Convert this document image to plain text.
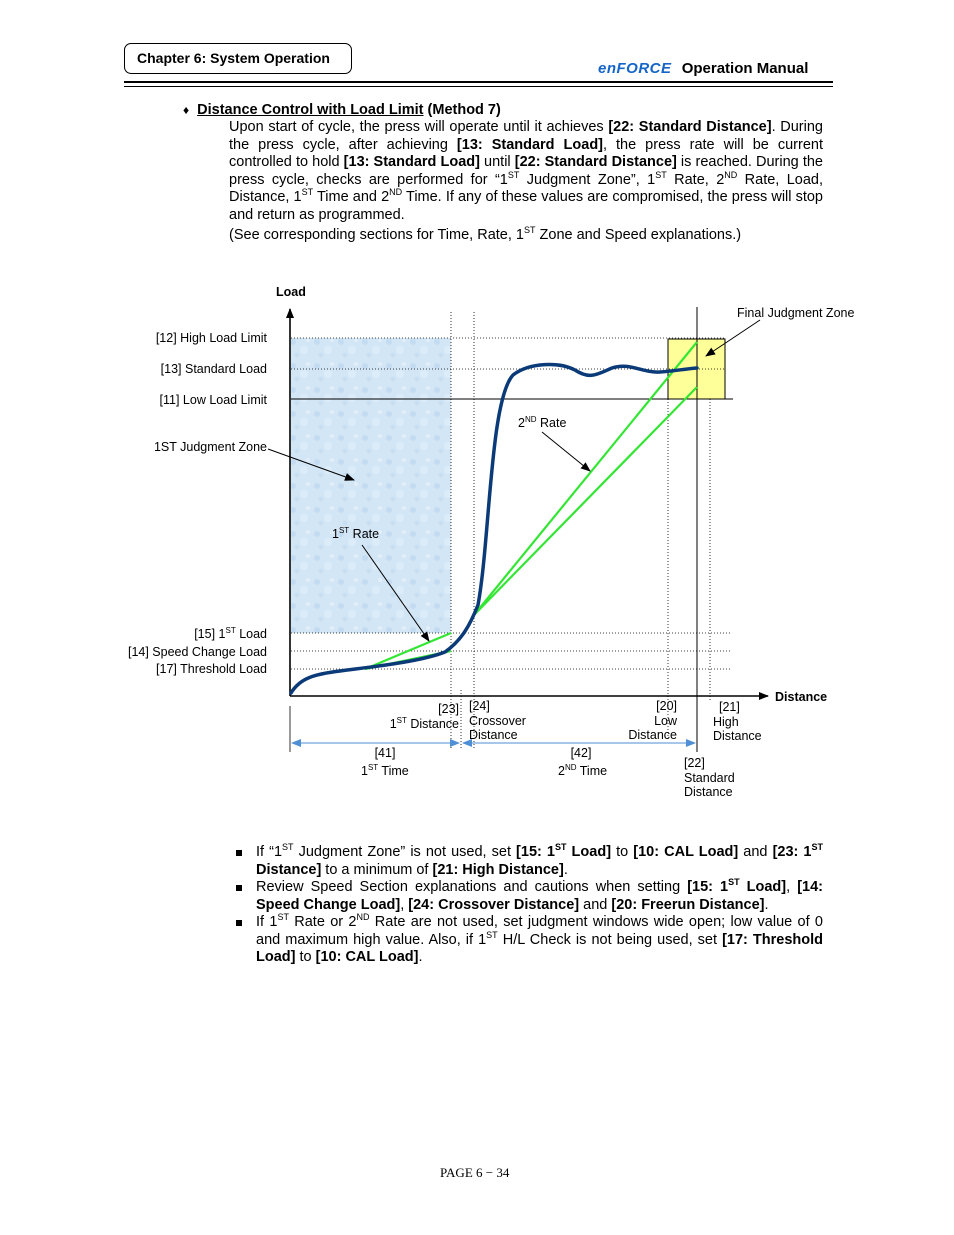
Chapter 6: System Operation
enFORCE Operation Manual
♦ Distance Control with Load Limit (Method 7)
Upon start of cycle, the press will operate until it achieves [22: Standard Distance]. During the press cycle, after achieving [13: Standard Load], the press rate will be current controlled to hold [13: Standard Load] until [22: Standard Distance] is reached. During the press cycle, checks are performed for “1ST Judgment Zone”, 1ST Rate, 2ND Rate, Load, Distance, 1ST Time and 2ND Time. If any of these values are compromised, the press will stop and return as programmed.
(See corresponding sections for Time, Rate, 1ST Zone and Speed explanations.)
Load
Distance
Final Judgment Zone
[12] High Load Limit
[13] Standard Load
[11] Low Load Limit
1ST Judgment Zone
2ND Rate
1ST Rate
[15] 1ST Load
[14] Speed Change Load
[17] Threshold Load
[23]
1ST Distance
[24]
Crossover
Distance
[20]
Low
Distance
[21]
High
Distance
[41]
1ST Time
[42]
2ND Time
[22]
Standard
Distance
If “1ST Judgment Zone” is not used, set [15: 1ST Load] to [10: CAL Load] and [23: 1ST Distance] to a minimum of [21: High Distance].
Review Speed Section explanations and cautions when setting [15: 1ST Load], [14: Speed Change Load], [24: Crossover Distance] and [20: Freerun Distance].
If 1ST Rate or 2ND Rate are not used, set judgment windows wide open; low value of 0 and maximum high value. Also, if 1ST H/L Check is not being used, set [17: Threshold Load] to [10: CAL Load].
PAGE 6 − 34
